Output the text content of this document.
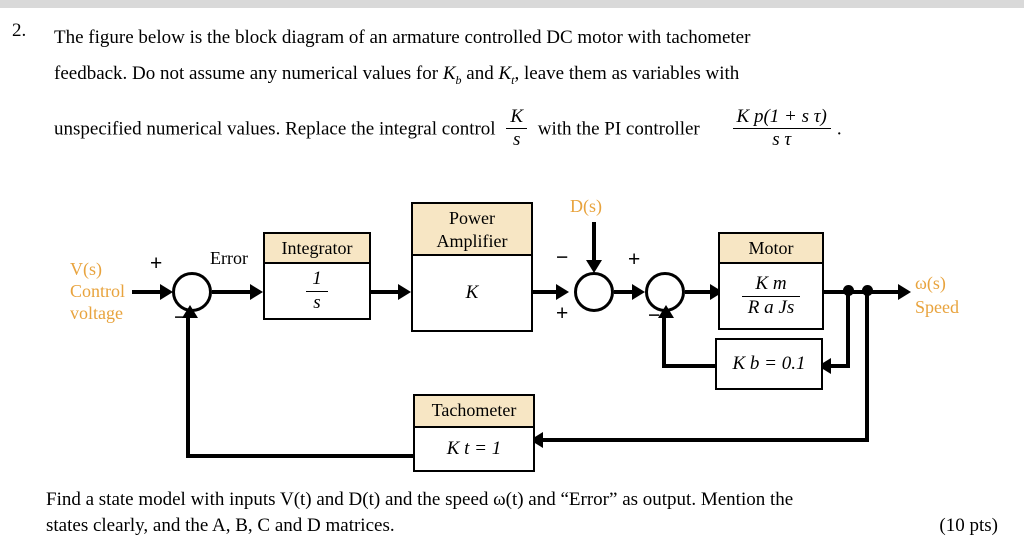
2. The figure below is the block diagram of an armature controlled DC motor with tachometer
feedback. Do not assume any numerical values for $K_b$ and $K_t$, leave them as variables with
unspecified numerical values. Replace the integral control $\frac{K}{s}$ with the PI controller $\frac{\text{K p(1 + s τ)}}{\text{s τ}}$ .
V(s)
Control
voltage
+
−
Error	Integrator
$\frac{1}{s}$
Power
Amplifier
K
D(s)
−
+
+
−
Motor
$\frac{\text{K m}}{\text{R a Js}}$	ω(s)
Speed
K b = 0.1
Tachometer
K t = 1
Find a state model with inputs V(t) and D(t) and the speed ω(t) and “Error” as output. Mention the
states clearly, and the A, B, C and D matrices.	(10 pts)
